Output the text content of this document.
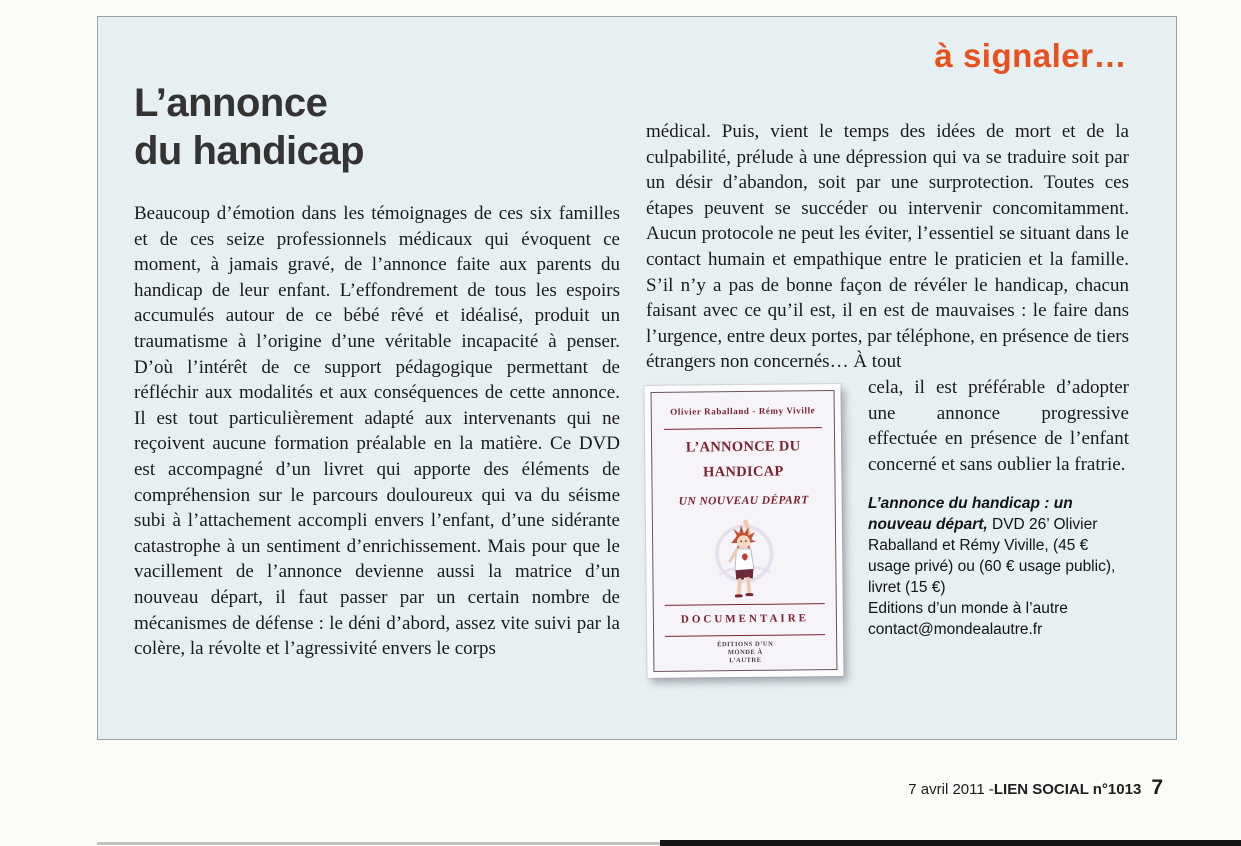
à signaler…
L’annonce
du handicap

Beaucoup d’émotion dans les témoignages de ces six familles et de ces seize professionnels médicaux qui évoquent ce moment, à jamais gravé, de l’annonce faite aux parents du handicap de leur enfant. L’effondrement de tous les espoirs accumulés autour de ce bébé rêvé et idéalisé, produit un traumatisme à l’origine d’une véritable incapacité à penser. D’où l’intérêt de ce support pédagogique permettant de réfléchir aux modalités et aux conséquences de cette annonce. Il est tout particulièrement adapté aux intervenants qui ne reçoivent aucune formation préalable en la matière. Ce DVD est accompagné d’un livret qui apporte des éléments de compréhension sur le parcours douloureux qui va du séisme subi à l’attachement accompli envers l’enfant, d’une sidérante catastrophe à un sentiment d’enrichissement. Mais pour que le vacillement de l’annonce devienne aussi la matrice d’un nouveau départ, il faut passer par un certain nombre de mécanismes de défense : le déni d’abord, assez vite suivi par la colère, la révolte et l’agressivité envers le corps

médical. Puis, vient le temps des idées de mort et de la culpabilité, prélude à une dépression qui va se traduire soit par un désir d’abandon, soit par une surprotection. Toutes ces étapes peuvent se succéder ou intervenir concomitamment. Aucun protocole ne peut les éviter, l’essentiel se situant dans le contact humain et empathique entre le praticien et la famille. S’il n’y a pas de bonne façon de révéler le handicap, chacun faisant avec ce qu’il est, il en est de mauvaises : le faire dans l’urgence, entre deux portes, par téléphone, en présence de tiers étrangers non concernés… À tout

Olivier Raballand - Rémy Viville
L’ANNONCE DU HANDICAP
UN NOUVEAU DÉPART
DOCUMENTAIRE
ÉDITIONS D’UN MONDE À L’AUTRE

cela, il est préférable d’adopter une annonce progressive effectuée en présence de l’enfant concerné et sans oublier la fratrie.

L’annonce du handicap : un nouveau départ, DVD 26’ Olivier Raballand et Rémy Viville, (45 € usage privé) ou (60 € usage public), livret (15 €)

Editions d’un monde à l’autre
contact@mondealautre.fr
7 avril 2011 - LIEN SOCIAL n°1013 7
